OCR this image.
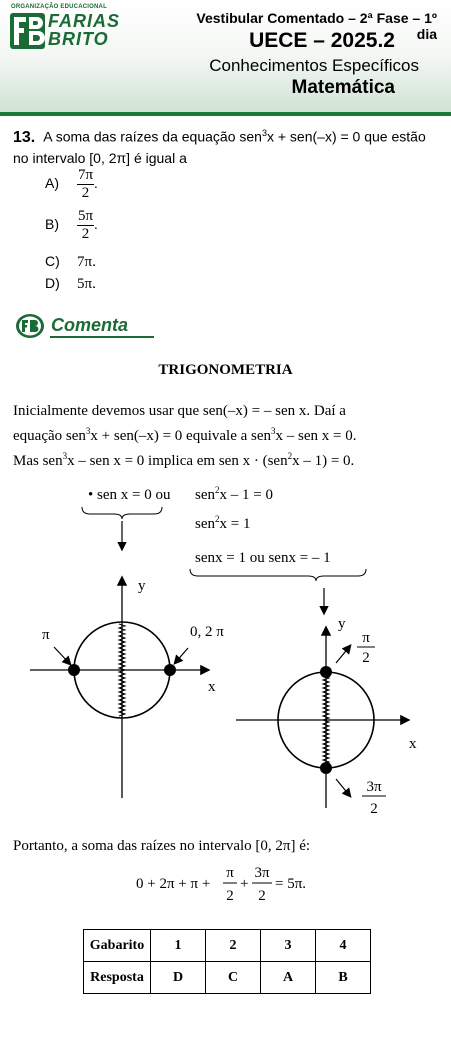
ORGANIZAÇÃO EDUCACIONAL
FARIAS
BRITO
Vestibular Comentado – 2ª Fase – 1º dia
UECE – 2025.2
Conhecimentos Específicos
Matemática
13. A soma das raízes da equação sen$^3$x + sen(–x) = 0 que estão no intervalo [0, 2π] é igual a
$A) \frac{7\pi}{2}$ .
$B) \frac{5\pi}{2}$ .
C) 7π.
D) 5π.
Comenta
TRIGONOMETRIA

Inicialmente devemos usar que sen(–x) = – sen x. Daí a

equação sen$^3$x + sen(–x) = 0 equivale a sen$^3$x – sen x = 0.

Mas sen$^3$x – sen x = 0 implica em sen x · (sen$^2$x – 1) = 0.

• sen x = 0 ou sen$^2$x – 1 = 0
sen$^2$x = 1
senx = 1 ou senx = – 1
y
x
π	0, 2 π	y
x
π
2
3π
2
Portanto, a soma das raízes no intervalo [0, 2π] é:
0 + 2π + π +
π
2
+
3π
2
= 5π.
Gabarito	1	2	3	4
Resposta	D	C	A	B
